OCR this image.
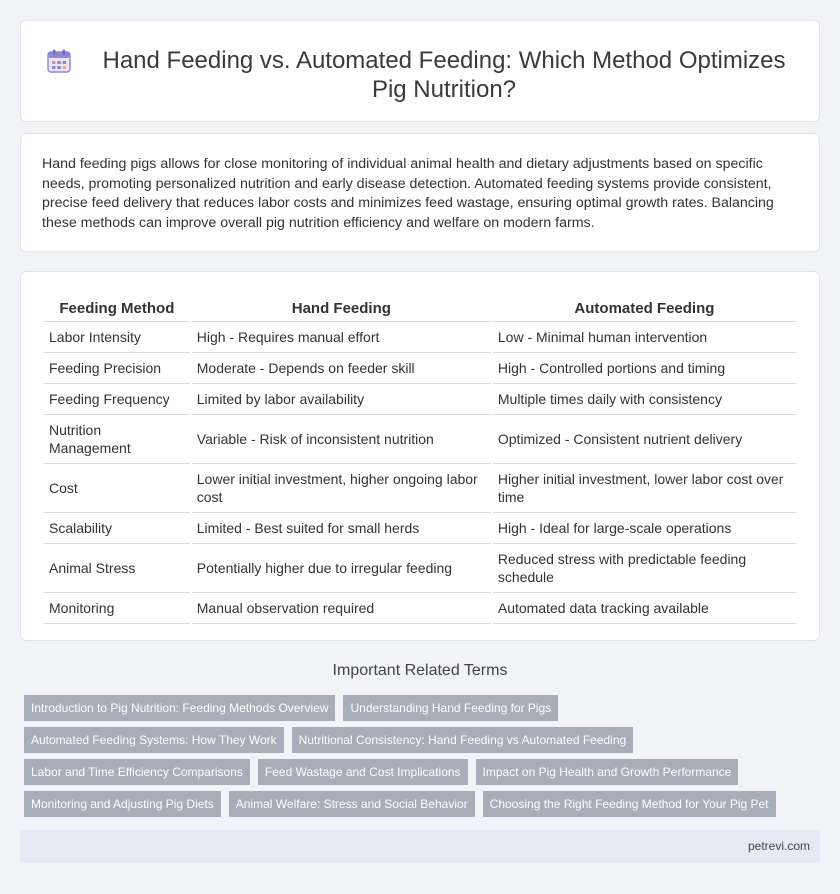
Hand Feeding vs. Automated Feeding: Which Method Optimizes Pig Nutrition?

Hand feeding pigs allows for close monitoring of individual animal health and dietary adjustments based on specific needs, promoting personalized nutrition and early disease detection. Automated feeding systems provide consistent, precise feed delivery that reduces labor costs and minimizes feed wastage, ensuring optimal growth rates. Balancing these methods can improve overall pig nutrition efficiency and welfare on modern farms.

Feeding Method	Hand Feeding	Automated Feeding
Labor Intensity	High - Requires manual effort	Low - Minimal human intervention
Feeding Precision	Moderate - Depends on feeder skill	High - Controlled portions and timing
Feeding Frequency	Limited by labor availability	Multiple times daily with consistency
Nutrition Management	Variable - Risk of inconsistent nutrition	Optimized - Consistent nutrient delivery
Cost	Lower initial investment, higher ongoing labor cost	Higher initial investment, lower labor cost over time
Scalability	Limited - Best suited for small herds	High - Ideal for large-scale operations
Animal Stress	Potentially higher due to irregular feeding	Reduced stress with predictable feeding schedule
Monitoring	Manual observation required	Automated data tracking available
Important Related Terms
Introduction to Pig Nutrition: Feeding Methods Overview	Understanding Hand Feeding for Pigs
Automated Feeding Systems: How They Work	Nutritional Consistency: Hand Feeding vs Automated Feeding
Labor and Time Efficiency Comparisons	Feed Wastage and Cost Implications	Impact on Pig Health and Growth Performance
Monitoring and Adjusting Pig Diets	Animal Welfare: Stress and Social Behavior	Choosing the Right Feeding Method for Your Pig Pet
petrevi.com
